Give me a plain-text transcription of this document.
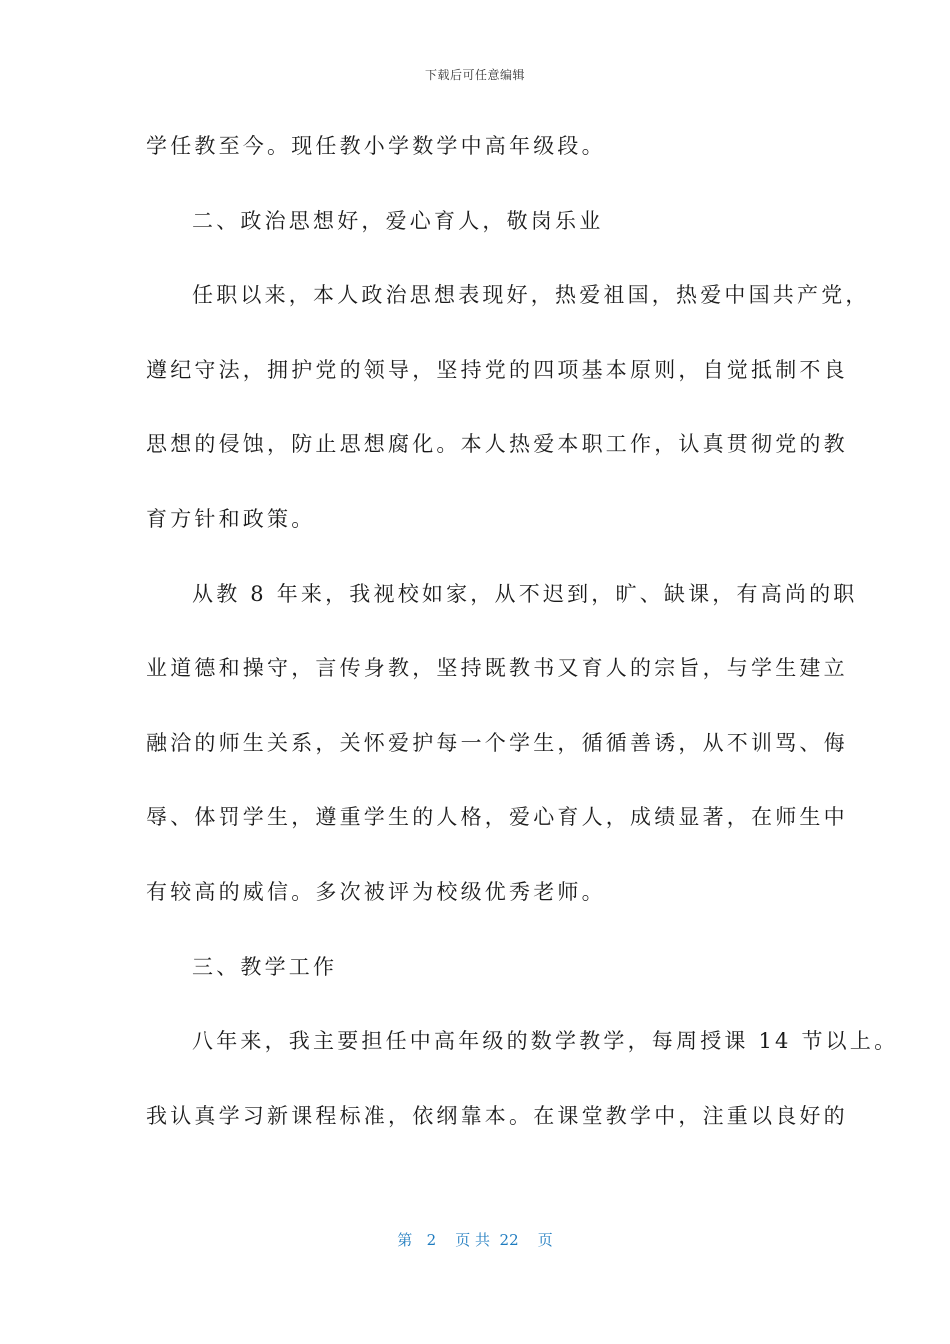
下载后可任意编辑
学任教至今。现任教小学数学中高年级段。
二、政治思想好，爱心育人，敬岗乐业
任职以来，本人政治思想表现好，热爱祖国，热爱中国共产党，
遵纪守法，拥护党的领导，坚持党的四项基本原则，自觉抵制不良
思想的侵蚀，防止思想腐化。本人热爱本职工作，认真贯彻党的教
育方针和政策。
从教 8 年来，我视校如家，从不迟到，旷、缺课，有高尚的职
业道德和操守，言传身教，坚持既教书又育人的宗旨，与学生建立
融洽的师生关系，关怀爱护每一个学生，循循善诱，从不训骂、侮
辱、体罚学生，遵重学生的人格，爱心育人，成绩显著，在师生中
有较高的威信。多次被评为校级优秀老师。
三、教学工作
八年来，我主要担任中高年级的数学教学，每周授课 14 节以上。
我认真学习新课程标准，依纲靠本。在课堂教学中，注重以良好的
第 2 页 共 22 页
